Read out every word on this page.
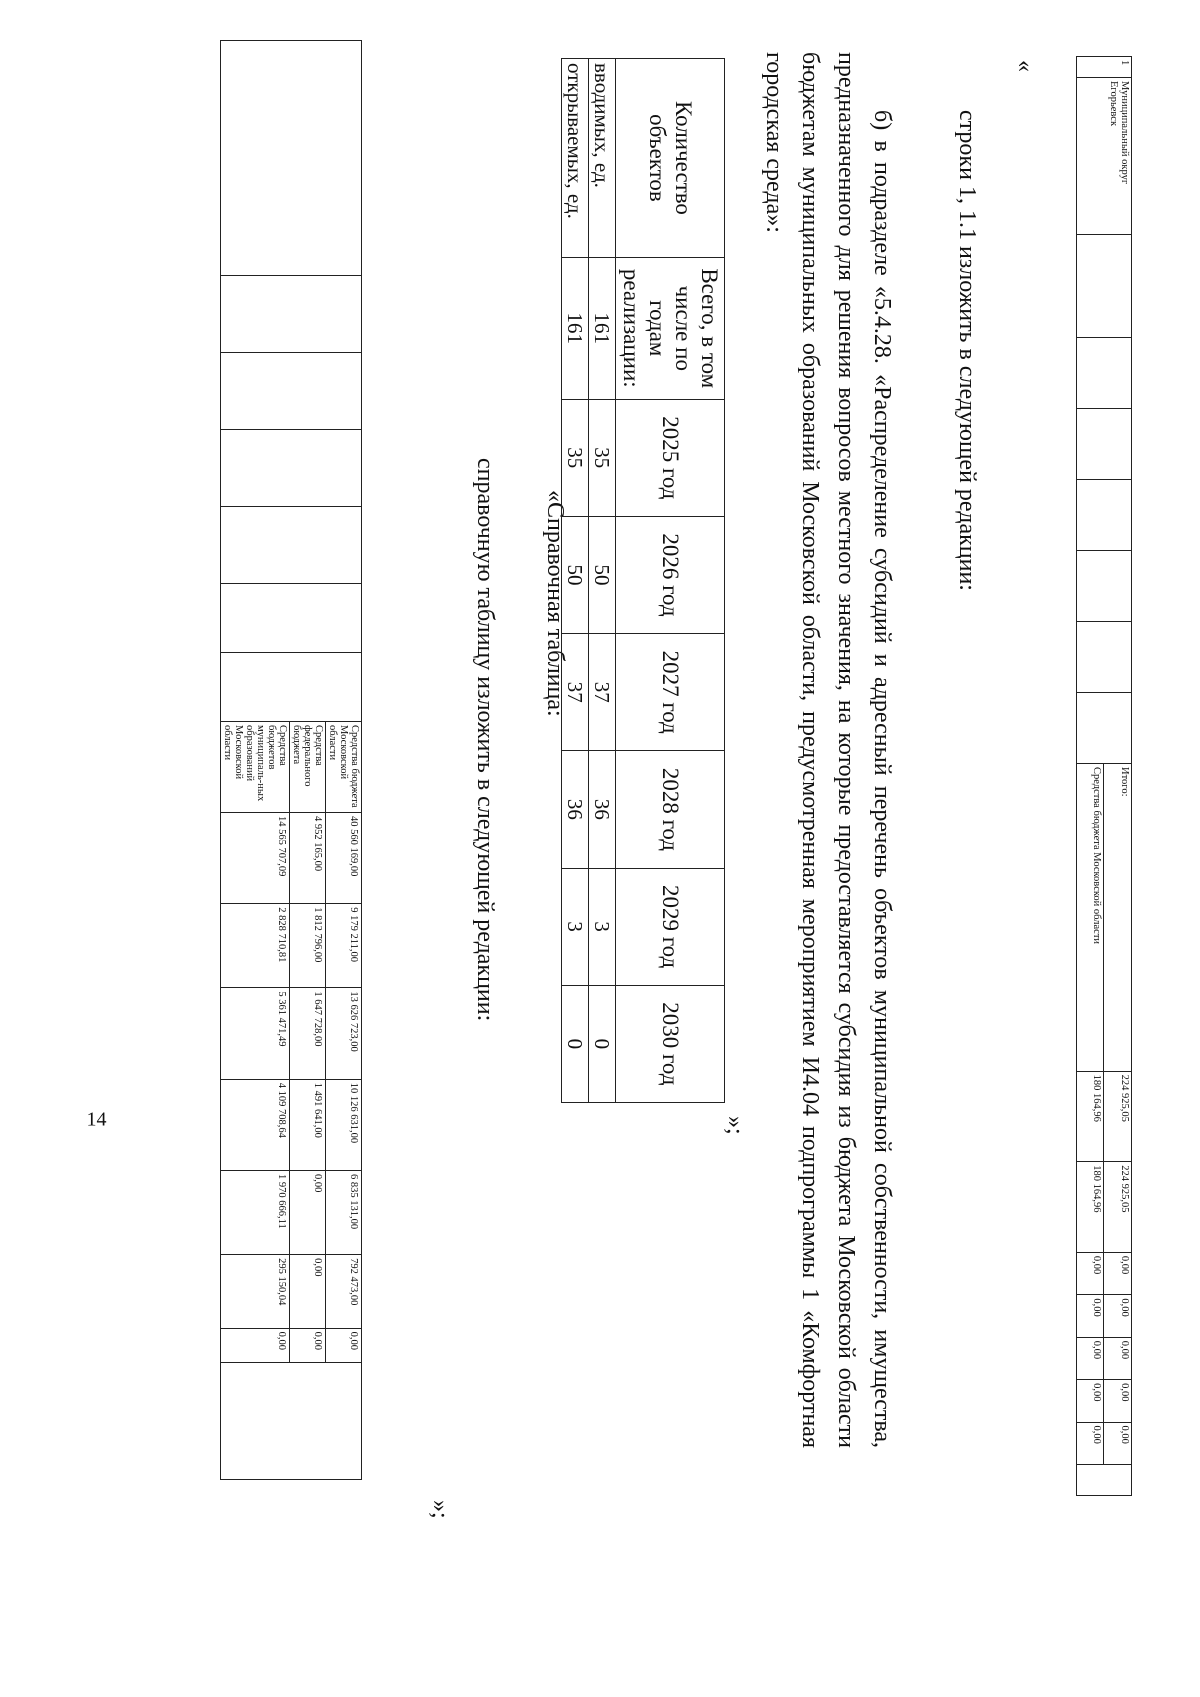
14
							Средства бюджета Московской области	40 560 169,00	9 179 211,00	13 626 723,00	10 126 631,00	6 835 131,00	792 473,00	0,00	
							Средства федерального бюджета	4 952 165,00	1 812 796,00	1 647 728,00	1 491 641,00	0,00	0,00	0,00	
							Средства бюджетов муниципаль-ных образований Московской области	14 565 707,09	2 828 710,81	5 361 471,49	4 109 708,64	1 970 666,11	295 150,04	0,00	
»;
справочную таблицу изложить в следующей редакции: «Справочная таблица:
Количество объектов	Всего, в том числе по годам реализации:	2025 год	2026 год	2027 год	2028 год	2029 год	2030 год
вводимых, ед.	161	35	50	37	36	3	0
открываемых, ед.	161	35	50	37	36	3	0
»;	б) в подразделе «5.4.28. «Распределение субсидий и адресный перечень объектов муниципальной собственности, имущества, предназначенного для решения вопросов местного значения, на которые предоставляется субсидия из бюджета Московской области бюджетам муниципальных образований Московской области, предусмотренная мероприятием И4.04 подпрограммы 1 «Комфортная городская среда»:	строки 1, 1.1 изложить в следующей редакции:
«	1	Муниципальный округ Егорьевск								Итого:	224 925,05	224 925,05	0,00	0,00	0,00	0,00	0,00	
									Средства бюджета Московской области	180 164,96	180 164,96	0,00	0,00	0,00	0,00	0,00	
